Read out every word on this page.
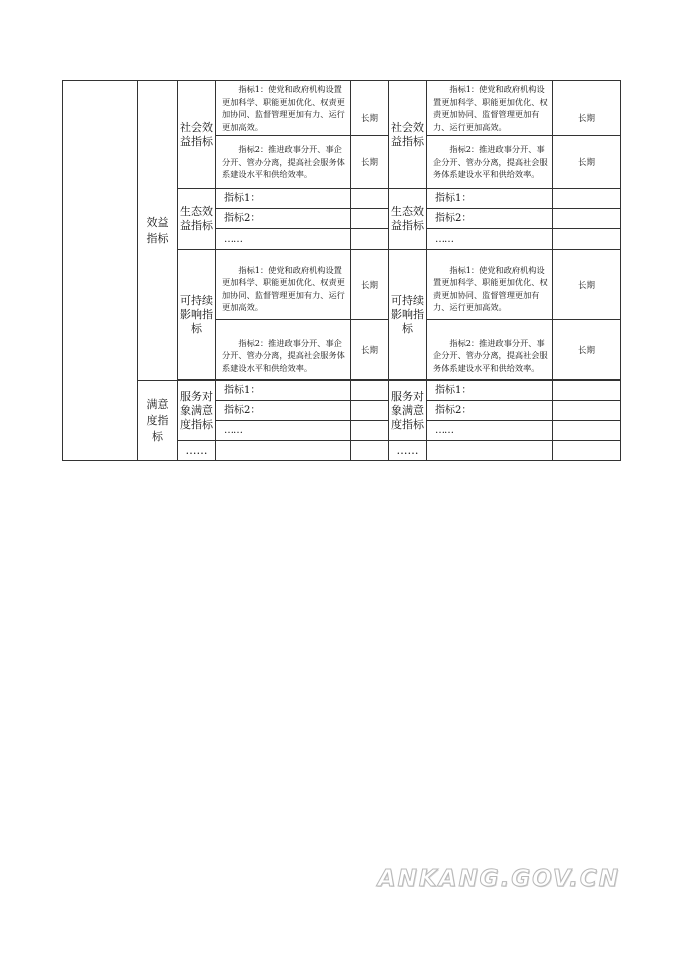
	效益指标	社会效益指标	指标1：使党和政府机构设置更加科学、职能更加优化、权责更加协同、监督管理更加有力、运行更加高效。	长期	社会效益指标	指标1：使党和政府机构设置更加科学、职能更加优化、权责更加协同、监督管理更加有力、运行更加高效。	长期
			指标2：推进政事分开、事企分开、管办分离，提高社会服务体系建设水平和供给效率。	长期		指标2：推进政事分开、事企分开、管办分离，提高社会服务体系建设水平和供给效率。	长期
		生态效益指标	指标1：		生态效益指标	指标1：	
			指标2：			指标2：	
			……			……	
		可持续影响指标	指标1：使党和政府机构设置更加科学、职能更加优化、权责更加协同、监督管理更加有力、运行更加高效。	长期	可持续影响指标	指标1：使党和政府机构设置更加科学、职能更加优化、权责更加协同、监督管理更加有力、运行更加高效。	长期
			指标2：推进政事分开、事企分开、管办分离，提高社会服务体系建设水平和供给效率。	长期		指标2：推进政事分开、事企分开、管办分离，提高社会服务体系建设水平和供给效率。	长期

	满意度指标	服务对象满意度指标	指标1：		服务对象满意度指标	指标1：	
			指标2：			指标2：	
			……			……	
		……			……		
ANKANG.GOV.CN
